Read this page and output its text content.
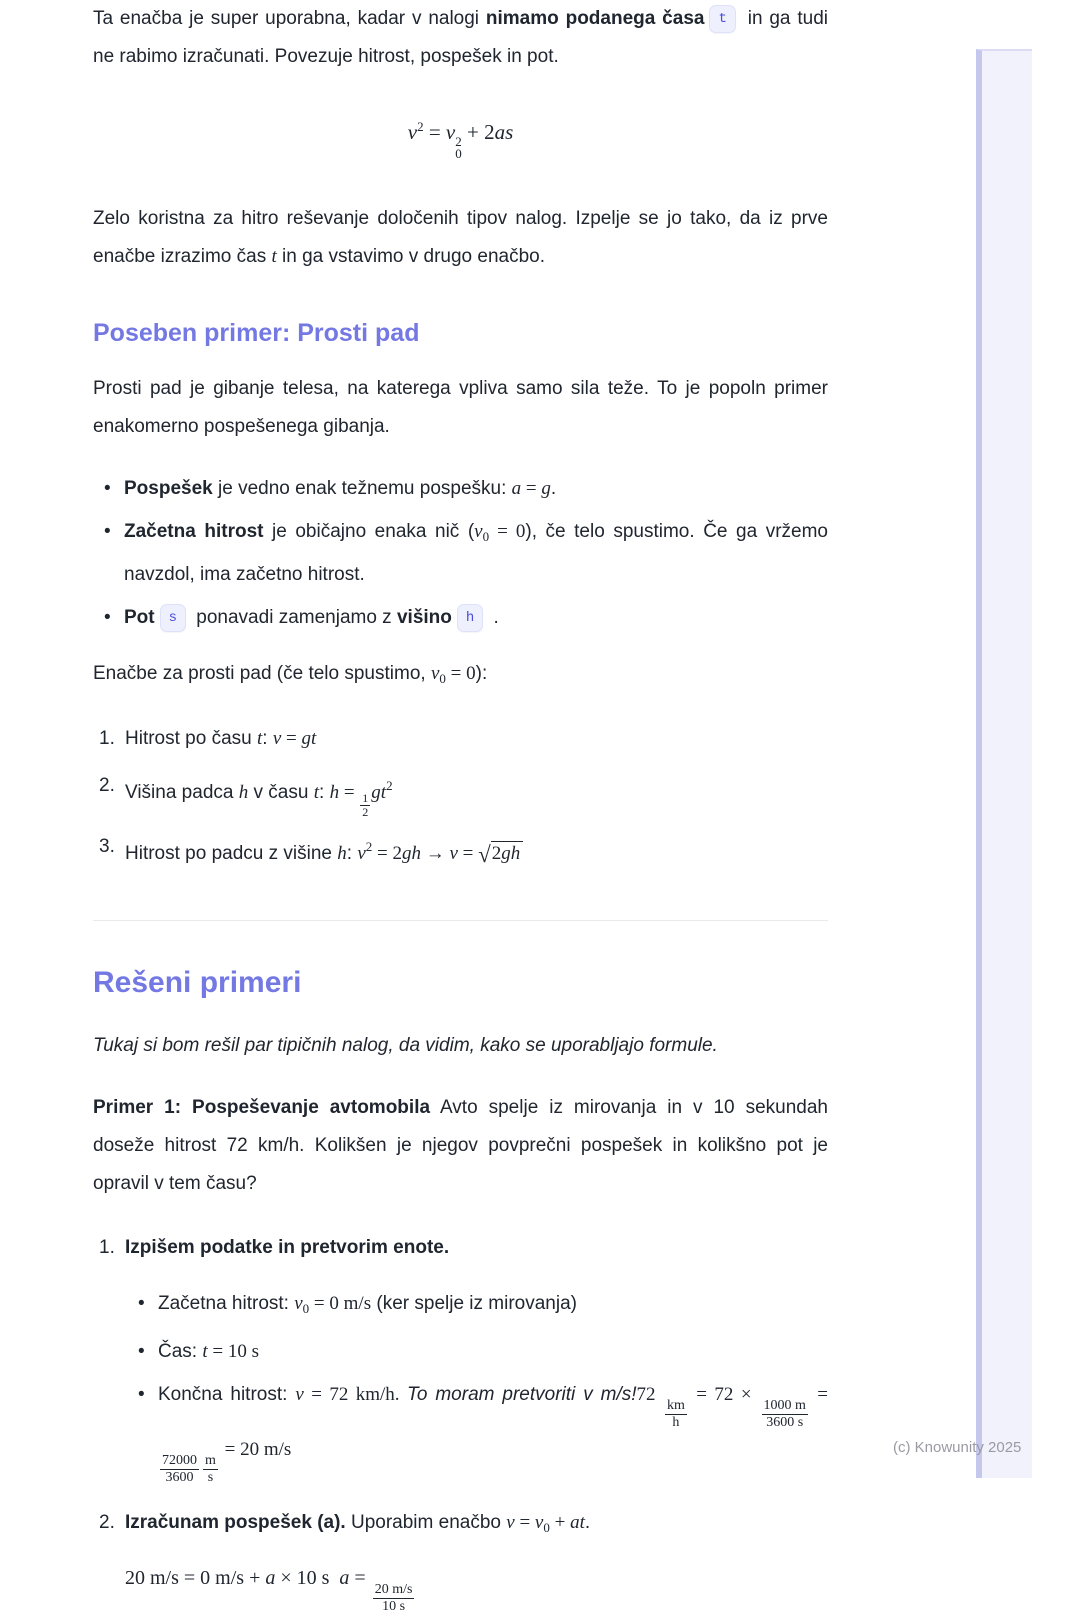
Ta enačba je super uporabna, kadar v nalogi nimamo podanega časa t in ga tudi ne rabimo izračunati. Povezuje hitrost, pospešek in pot.

$v^2 = v$ 2
0
+ 2as

Zelo koristna za hitro reševanje določenih tipov nalog. Izpelje se jo tako, da iz prve enačbe izrazimo čas t in ga vstavimo v drugo enačbo.

Poseben primer: Prosti pad

Prosti pad je gibanje telesa, na katerega vpliva samo sila teže. To je popoln primer enakomerno pospešenega gibanja.

• Pospešek je vedno enak težnemu pospešku: a = g.
• Začetna hitrost je običajno enaka nič $(v_0 = 0)$, če telo spustimo. Če ga vržemo navzdol, ima začetno hitrost.
• Pot s ponavadi zamenjamo z višino h .

Enačbe za prosti pad (če telo spustimo, $v_0 = 0$):

Hitrost po času t: v = gt
Višina padca h v času t: $h = \frac{1}{2} gt^2$
Hitrost po padcu z višine h: $v^2 = 2gh \to v = √2gh$
Rešeni primeri

Tukaj si bom rešil par tipičnih nalog, da vidim, kako se uporabljajo formule.

Primer 1: Pospeševanje avtomobila Avto spelje iz mirovanja in v 10 sekundah doseže hitrost 72 km/h. Kolikšen je njegov povprečni pospešek in kolikšno pot je opravil v tem času?

Izpišem podatke in pretvorim enote.
• Začetna hitrost: $v_0 = 0$ m/s (ker spelje iz mirovanja)
• Čas: t = 10 s
• Končna hitrost: v = 72 km/h. To moram pretvoriti v m/s!72
$\frac{km}{h}$
= 72 ×
$\frac{1000 m}{3600 s}$
=
$\frac{72000}{3600} \frac{m}{s}$
= 20 m/s
Izračunam pospešek (a). Uporabim enačbo $v = v_0$ + at.
20 m/s = 0 m/s + a × 10 s a =
$\frac{20 m/s}{10 s}$
(c) Knowunity 2025
